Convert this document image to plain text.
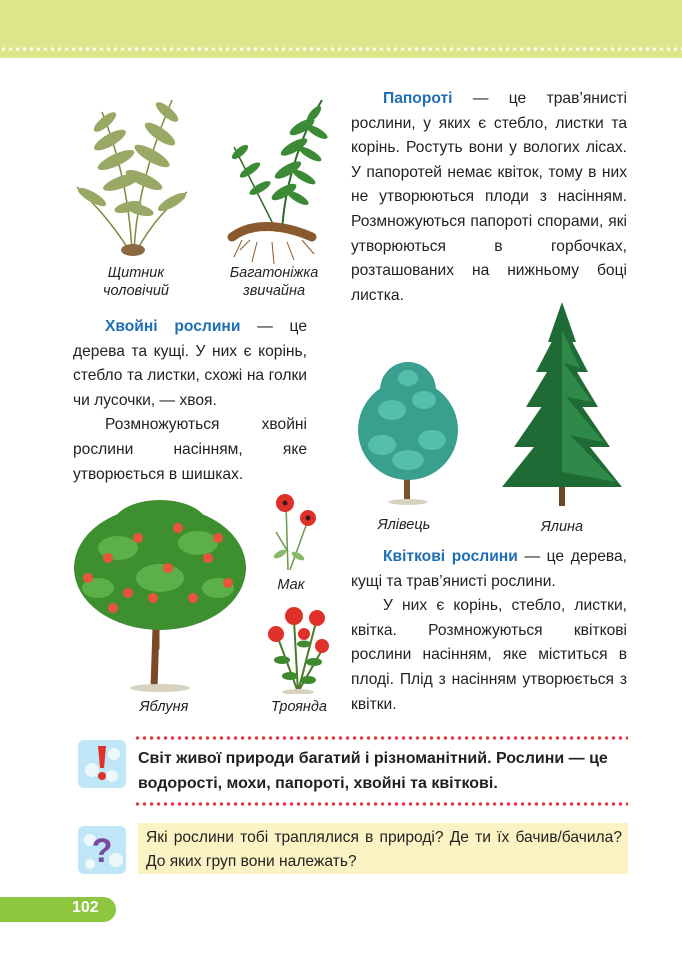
Щитник
чоловічий
Багатоніжка
звичайна

Папороті — це трав’янисті рослини, у яких є стебло, листки та корінь. Ростуть вони у вологих лісах. У папоротей немає квіток, тому в них не утворюються плоди з насінням. Розмножуються папороті спорами, які утворюються в горбочках, розташованих на нижньому боці листка.

Хвойні рослини — це дерева та кущі. У них є корінь, стебло та листки, схожі на голки чи лусочки, — хвоя.

Розмножуються хвойні рослини насінням, яке утворюється в шишках.

Ялівець	Ялина

Квіткові рослини — це дерева, кущі та трав’янисті рослини.

У них є корінь, стебло, листки, квітка. Розмножуються квіткові рослини насінням, яке міститься в плоді. Плід з насінням утворюється з квітки.

Мак
Яблуня	Троянда
Світ живої природи багатий і різноманітний. Рослини — це водорості, мохи, папороті, хвойні та квіткові.
? Які рослини тобі траплялися в природі? Де ти їх бачив/бачила? До яких груп вони належать?
102
